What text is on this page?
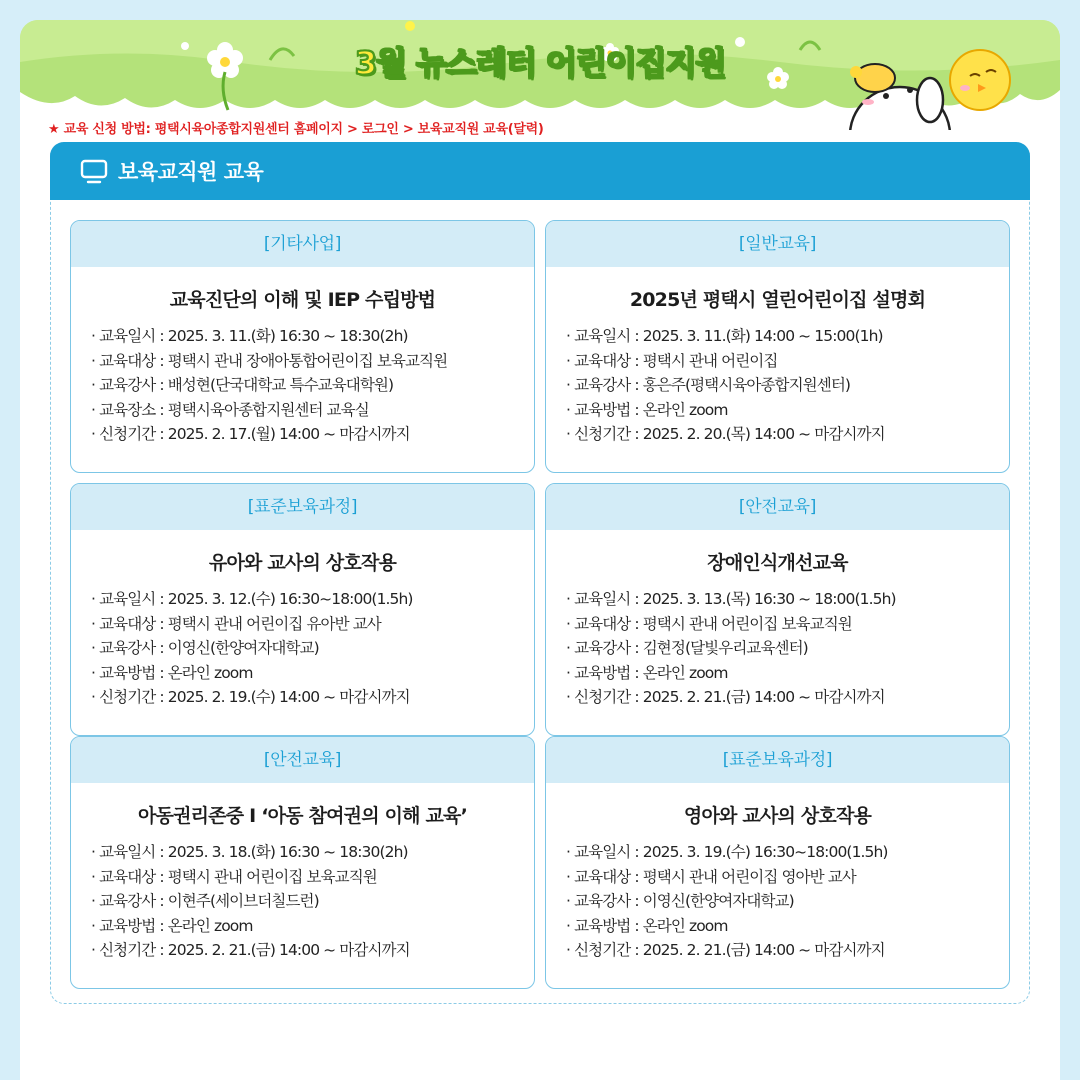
3월 뉴스레터 어린이집지원
★ 교육 신청 방법: 평택시육아종합지원센터 홈페이지 > 로그인 > 보육교직원 교육(달력)
보육교직원 교육
[기타사업]
교육진단의 이해 및 IEP 수립방법
· 교육일시 : 2025. 3. 11.(화) 16:30 ~ 18:30(2h)
· 교육대상 : 평택시 관내 장애아통합어린이집 보육교직원
· 교육강사 : 배성현(단국대학교 특수교육대학원)
· 교육장소 : 평택시육아종합지원센터 교육실
· 신청기간 : 2025. 2. 17.(월) 14:00 ~ 마감시까지
[일반교육]
2025년 평택시 열린어린이집 설명회
· 교육일시 : 2025. 3. 11.(화) 14:00 ~ 15:00(1h)
· 교육대상 : 평택시 관내 어린이집
· 교육강사 : 홍은주(평택시육아종합지원센터)
· 교육방법 : 온라인 zoom
· 신청기간 : 2025. 2. 20.(목) 14:00 ~ 마감시까지
[표준보육과정]
유아와 교사의 상호작용
· 교육일시 : 2025. 3. 12.(수) 16:30~18:00(1.5h)
· 교육대상 : 평택시 관내 어린이집 유아반 교사
· 교육강사 : 이영신(한양여자대학교)
· 교육방법 : 온라인 zoom
· 신청기간 : 2025. 2. 19.(수) 14:00 ~ 마감시까지
[안전교육]
장애인식개선교육
· 교육일시 : 2025. 3. 13.(목) 16:30 ~ 18:00(1.5h)
· 교육대상 : 평택시 관내 어린이집 보육교직원
· 교육강사 : 김현정(달빛우리교육센터)
· 교육방법 : 온라인 zoom
· 신청기간 : 2025. 2. 21.(금) 14:00 ~ 마감시까지
[안전교육]
아동권리존중 Ⅰ ‘아동 참여권의 이해 교육’
· 교육일시 : 2025. 3. 18.(화) 16:30 ~ 18:30(2h)
· 교육대상 : 평택시 관내 어린이집 보육교직원
· 교육강사 : 이현주(세이브더칠드런)
· 교육방법 : 온라인 zoom
· 신청기간 : 2025. 2. 21.(금) 14:00 ~ 마감시까지
[표준보육과정]
영아와 교사의 상호작용
· 교육일시 : 2025. 3. 19.(수) 16:30~18:00(1.5h)
· 교육대상 : 평택시 관내 어린이집 영아반 교사
· 교육강사 : 이영신(한양여자대학교)
· 교육방법 : 온라인 zoom
· 신청기간 : 2025. 2. 21.(금) 14:00 ~ 마감시까지
